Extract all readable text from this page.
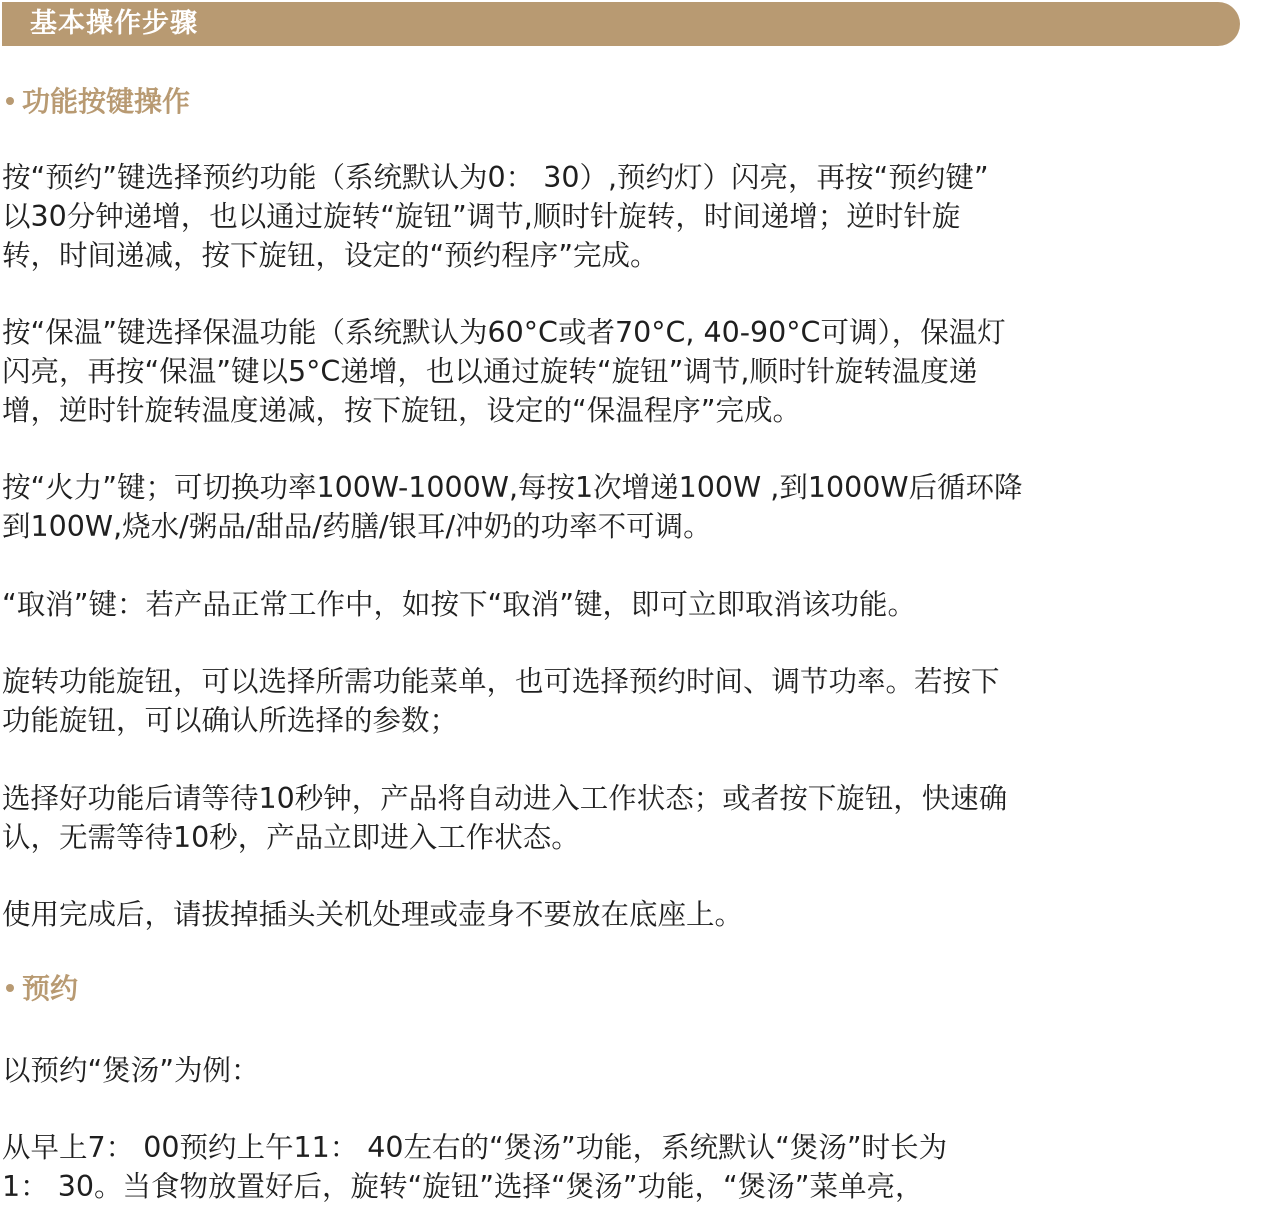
基本操作步骤
功能按键操作
按“预约”键选择预约功能（系统默认为0： 30）,预约灯）闪亮，再按“预约键”
以30分钟递增，也以通过旋转“旋钮”调节,顺时针旋转，时间递增；逆时针旋
转，时间递减，按下旋钮，设定的“预约程序”完成。
按“保温”键选择保温功能（系统默认为60°C或者70°C, 40-90°C可调），保温灯
闪亮，再按“保温”键以5°C递增，也以通过旋转“旋钮”调节,顺时针旋转温度递
增，逆时针旋转温度递减，按下旋钮，设定的“保温程序”完成。
按“火力”键；可切换功率100W-1000W,每按1次增递100W ,到1000W后循环降
到100W,烧水/粥品/甜品/药膳/银耳/冲奶的功率不可调。
“取消”键：若产品正常工作中，如按下“取消”键，即可立即取消该功能。
旋转功能旋钮，可以选择所需功能菜单，也可选择预约时间、调节功率。若按下
功能旋钮，可以确认所选择的参数；
选择好功能后请等待10秒钟，产品将自动进入工作状态；或者按下旋钮，快速确
认，无需等待10秒，产品立即进入工作状态。
使用完成后，请拔掉插头关机处理或壶身不要放在底座上。
预约
以预约“煲汤”为例：
从早上7： 00预约上午11： 40左右的“煲汤”功能，系统默认“煲汤”时长为
1： 30。当食物放置好后，旋转“旋钮”选择“煲汤”功能，“煲汤”菜单亮，
